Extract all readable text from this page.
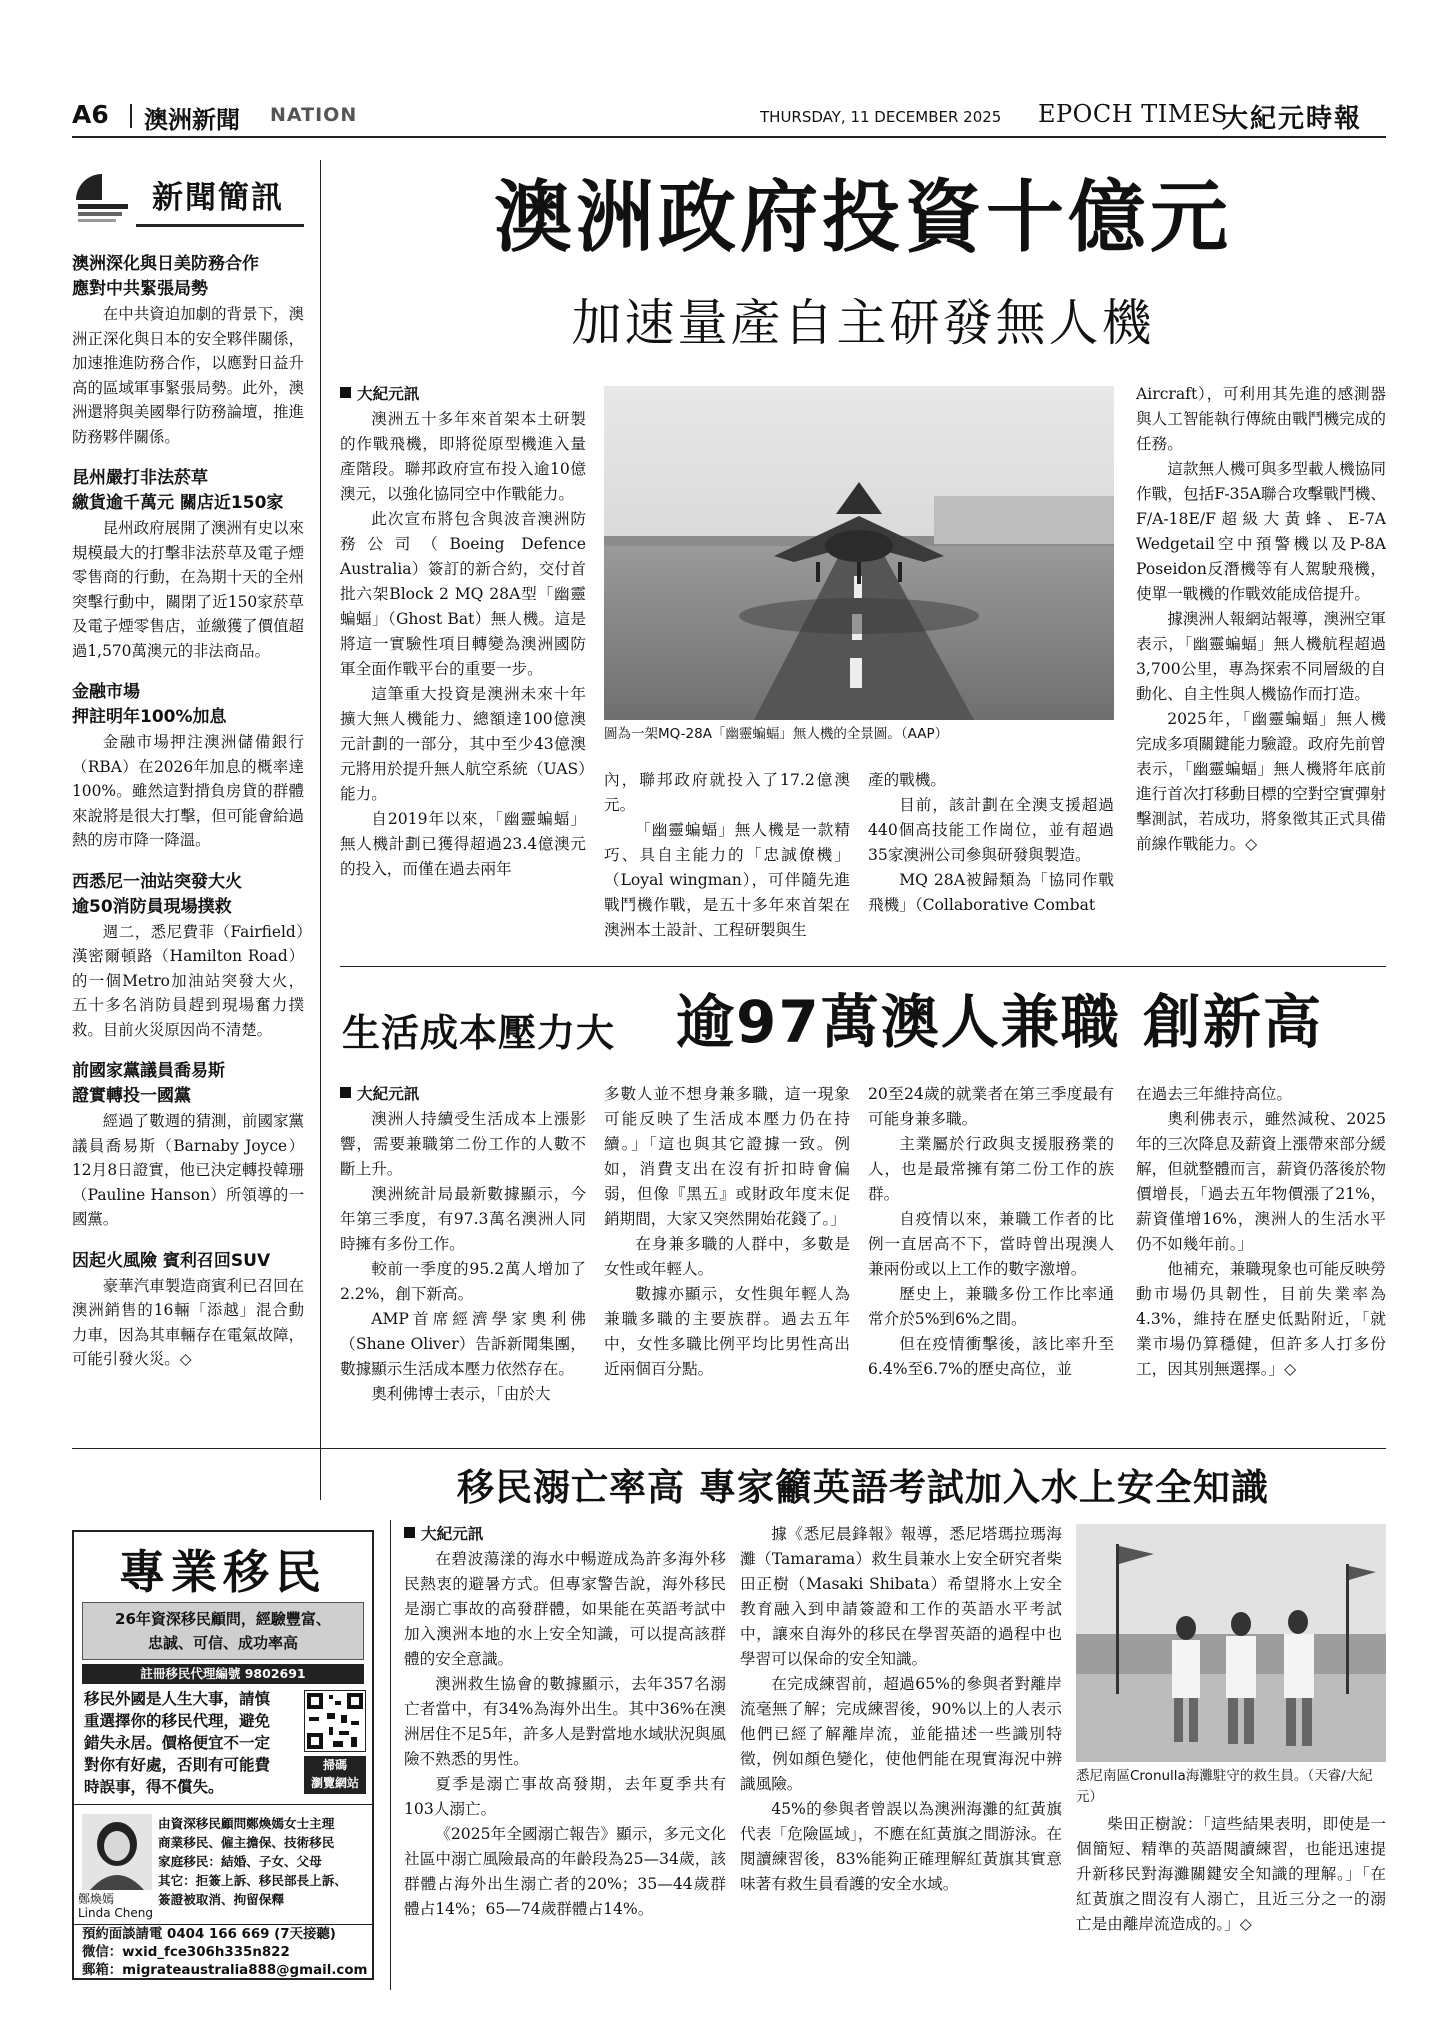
A6 澳洲新聞 NATION	THURSDAY, 11 DECEMBER 2025 EPOCH TIMES
大紀元時報
新聞簡訊
澳洲深化與日美防務合作
應對中共緊張局勢

在中共資迫加劇的背景下，澳洲正深化與日本的安全夥伴關係，加速推進防務合作，以應對日益升高的區域軍事緊張局勢。此外，澳洲還將與美國舉行防務論壇，推進防務夥伴關係。

昆州嚴打非法菸草
繳貨逾千萬元 關店近150家

昆州政府展開了澳洲有史以來規模最大的打擊非法菸草及電子煙零售商的行動，在為期十天的全州突擊行動中，關閉了近150家菸草及電子煙零售店，並繳獲了價值超過1,570萬澳元的非法商品。

金融市場
押註明年100%加息

金融市場押注澳洲儲備銀行（RBA）在2026年加息的概率達100%。雖然這對揹負房貸的群體來說將是很大打擊，但可能會給過熱的房市降一降溫。

西悉尼一油站突發大火
逾50消防員現場撲救

週二，悉尼費菲（Fairfield）漢密爾頓路（Hamilton Road）的一個Metro加油站突發大火，五十多名消防員趕到現場奮力撲救。目前火災原因尚不清楚。

前國家黨議員喬易斯
證實轉投一國黨

經過了數週的猜測，前國家黨議員喬易斯（Barnaby Joyce）12月8日證實，他已決定轉投韓珊（Pauline Hanson）所領導的一國黨。

因起火風險 賓利召回SUV

豪華汽車製造商賓利已召回在澳洲銷售的16輛「添越」混合動力車，因為其車輛存在電氣故障，可能引發火災。◇

澳洲政府投資十億元
加速量產自主研發無人機
大紀元訊

澳洲五十多年來首架本土研製的作戰飛機，即將從原型機進入量產階段。聯邦政府宣布投入逾10億澳元，以強化協同空中作戰能力。

此次宣布將包含與波音澳洲防務公司（Boeing Defence Australia）簽訂的新合約，交付首批六架Block 2 MQ 28A型「幽靈蝙蝠」（Ghost Bat）無人機。這是將這一實驗性項目轉變為澳洲國防軍全面作戰平台的重要一步。

這筆重大投資是澳洲未來十年擴大無人機能力、總額達100億澳元計劃的一部分，其中至少43億澳元將用於提升無人航空系統（UAS）能力。

自2019年以來，「幽靈蝙蝠」無人機計劃已獲得超過23.4億澳元的投入，而僅在過去兩年

圖為一架MQ-28A「幽靈蝙蝠」無人機的全景圖。（AAP）

內，聯邦政府就投入了17.2億澳元。

「幽靈蝙蝠」無人機是一款精巧、具自主能力的「忠誠僚機」（Loyal wingman），可伴隨先進戰鬥機作戰，是五十多年來首架在澳洲本土設計、工程研製與生

產的戰機。

目前，該計劃在全澳支援超過440個高技能工作崗位，並有超過35家澳洲公司參與研發與製造。

MQ 28A被歸類為「協同作戰飛機」（Collaborative Combat

Aircraft），可利用其先進的感測器與人工智能執行傳統由戰鬥機完成的任務。

這款無人機可與多型載人機協同作戰，包括F-35A聯合攻擊戰鬥機、F/A-18E/F超級大黃蜂、E-7A Wedgetail空中預警機以及P-8A Poseidon反潛機等有人駕駛飛機，使單一戰機的作戰效能成倍提升。

據澳洲人報網站報導，澳洲空軍表示，「幽靈蝙蝠」無人機航程超過3,700公里，專為探索不同層級的自動化、自主性與人機協作而打造。

2025年，「幽靈蝙蝠」無人機完成多項關鍵能力驗證。政府先前曾表示，「幽靈蝙蝠」無人機將年底前進行首次打移動目標的空對空實彈射擊測試，若成功，將象徵其正式具備前線作戰能力。◇

生活成本壓力大 逾97萬澳人兼職 創新高
大紀元訊

澳洲人持續受生活成本上漲影響，需要兼職第二份工作的人數不斷上升。

澳洲統計局最新數據顯示，今年第三季度，有97.3萬名澳洲人同時擁有多份工作。

較前一季度的95.2萬人增加了2.2%，創下新高。

AMP首席經濟學家奧利佛（Shane Oliver）告訴新聞集團，數據顯示生活成本壓力依然存在。

奧利佛博士表示，「由於大

多數人並不想身兼多職，這一現象可能反映了生活成本壓力仍在持續。」「這也與其它證據一致。例如，消費支出在沒有折扣時會偏弱，但像『黑五』或財政年度末促銷期間，大家又突然開始花錢了。」

在身兼多職的人群中，多數是女性或年輕人。

數據亦顯示，女性與年輕人為兼職多職的主要族群。過去五年中，女性多職比例平均比男性高出近兩個百分點。

20至24歲的就業者在第三季度最有可能身兼多職。

主業屬於行政與支援服務業的人，也是最常擁有第二份工作的族群。

自疫情以來，兼職工作者的比例一直居高不下，當時曾出現澳人兼兩份或以上工作的數字激增。

歷史上，兼職多份工作比率通常介於5%到6%之間。

但在疫情衝擊後，該比率升至6.4%至6.7%的歷史高位，並

在過去三年維持高位。

奧利佛表示，雖然減稅、2025年的三次降息及薪資上漲帶來部分緩解，但就整體而言，薪資仍落後於物價增長，「過去五年物價漲了21%，薪資僅增16%，澳洲人的生活水平仍不如幾年前。」

他補充，兼職現象也可能反映勞動市場仍具韌性，目前失業率為4.3%，維持在歷史低點附近，「就業市場仍算穩健，但許多人打多份工，因其別無選擇。」◇

移民溺亡率高 專家籲英語考試加入水上安全知識
專業移民
26年資深移民顧問，經驗豐富、
忠誠、可信、成功率高
註冊移民代理編號 9802691
移民外國是人生大事，請慎
重選擇你的移民代理，避免
錯失永居。價格便宜不一定
對你有好處，否則有可能費
時誤事，得不償失。
掃碼
瀏覽網站
鄭煥嫣
Linda Cheng
由資深移民顧問鄭煥嫣女士主理
商業移民、僱主擔保、技術移民
家庭移民：結婚、子女、父母
其它：拒簽上訴、移民部長上訴、
簽證被取消、拘留保釋
預約面談請電 0404 166 669 (7天接聽)
微信：wxid_fce306h335n822
郵箱：migrateaustralia888@gmail.com
大紀元訊

在碧波蕩漾的海水中暢遊成為許多海外移民熱衷的避暑方式。但專家警告說，海外移民是溺亡事故的高發群體，如果能在英語考試中加入澳洲本地的水上安全知識，可以提高該群體的安全意識。

澳洲救生協會的數據顯示，去年357名溺亡者當中，有34%為海外出生。其中36%在澳洲居住不足5年，許多人是對當地水域狀況與風險不熟悉的男性。

夏季是溺亡事故高發期，去年夏季共有103人溺亡。

《2025年全國溺亡報告》顯示，多元文化社區中溺亡風險最高的年齡段為25—34歲，該群體占海外出生溺亡者的20%；35—44歲群體占14%；65—74歲群體占14%。

據《悉尼晨鋒報》報導，悉尼塔瑪拉瑪海灘（Tamarama）救生員兼水上安全研究者柴田正樹（Masaki Shibata）希望將水上安全教育融入到申請簽證和工作的英語水平考試中，讓來自海外的移民在學習英語的過程中也學習可以保命的安全知識。

在完成練習前，超過65%的參與者對離岸流毫無了解；完成練習後，90%以上的人表示他們已經了解離岸流，並能描述一些識別特徵，例如顏色變化，使他們能在現實海況中辨識風險。

45%的參與者曾誤以為澳洲海灘的紅黃旗代表「危險區域」，不應在紅黃旗之間游泳。在閱讀練習後，83%能夠正確理解紅黃旗其實意味著有救生員看護的安全水域。

悉尼南區Cronulla海灘駐守的救生員。（天睿/大紀元）

柴田正樹說：「這些結果表明，即使是一個簡短、精準的英語閱讀練習，也能迅速提升新移民對海灘關鍵安全知識的理解。」「在紅黃旗之間沒有人溺亡，且近三分之一的溺亡是由離岸流造成的。」◇
